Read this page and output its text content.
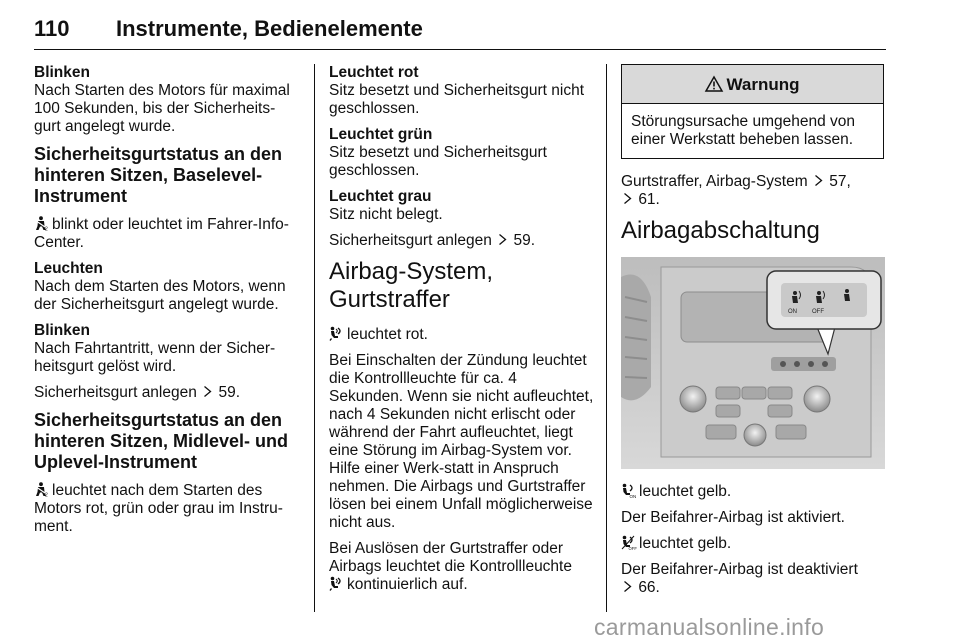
110 Instrumente, Bedienelemente
Blinken
Nach Starten des Motors für maximal 100 Sekunden, bis der Sicherheits-gurt angelegt wurde.
Sicherheitsgurtstatus an den hinteren Sitzen, Baselevel-Instrument
2 blinkt oder leuchtet im Fahrer-Info-Center.
Leuchten
Nach dem Starten des Motors, wenn der Sicherheitsgurt angelegt wurde.
Blinken
Nach Fahrtantritt, wenn der Sicher-heitsgurt gelöst wird.
Sicherheitsgurt anlegen 59.
Sicherheitsgurtstatus an den hinteren Sitzen, Midlevel- und Uplevel-Instrument
2 leuchtet nach dem Starten des Motors rot, grün oder grau im Instru-ment.
Leuchtet rot
Sitz besetzt und Sicherheitsgurt nicht geschlossen.
Leuchtet grün
Sitz besetzt und Sicherheitsgurt geschlossen.
Leuchtet grau
Sitz nicht belegt.
Sicherheitsgurt anlegen 59.
Airbag-System, Gurtstraffer
leuchtet rot.
Bei Einschalten der Zündung leuchtet die Kontrollleuchte für ca. 4 Sekunden. Wenn sie nicht aufleuchtet, nach 4 Sekunden nicht erlischt oder während der Fahrt aufleuchtet, liegt eine Störung im Airbag-System vor. Hilfe einer Werk-statt in Anspruch nehmen. Die Airbags und Gurtstraffer lösen bei einem Unfall möglicherweise nicht aus.
Bei Auslösen der Gurtstraffer oder Airbags leuchtet die Kontrollleuchte

kontinuierlich auf.
Warnung
Störungsursache umgehend von einer Werkstatt beheben lassen.
Gurtstraffer, Airbag-System 57,

61.
Airbagabschaltung
ON	OFF
ON leuchtet gelb.
Der Beifahrer-Airbag ist aktiviert.
OFF leuchtet gelb.
Der Beifahrer-Airbag ist deaktiviert

66.
carmanualsonline.info
